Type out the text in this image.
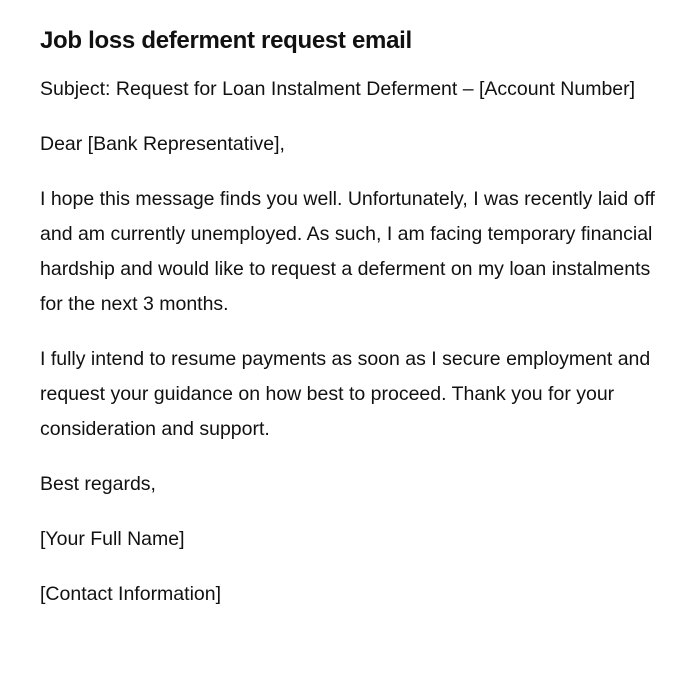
Job loss deferment request email

Subject: Request for Loan Instalment Deferment – [Account Number]

Dear [Bank Representative],

I hope this message finds you well. Unfortunately, I was recently laid off and am currently unemployed. As such, I am facing temporary financial hardship and would like to request a deferment on my loan instalments for the next 3 months.

I fully intend to resume payments as soon as I secure employment and request your guidance on how best to proceed. Thank you for your consideration and support.

Best regards,

[Your Full Name]

[Contact Information]
